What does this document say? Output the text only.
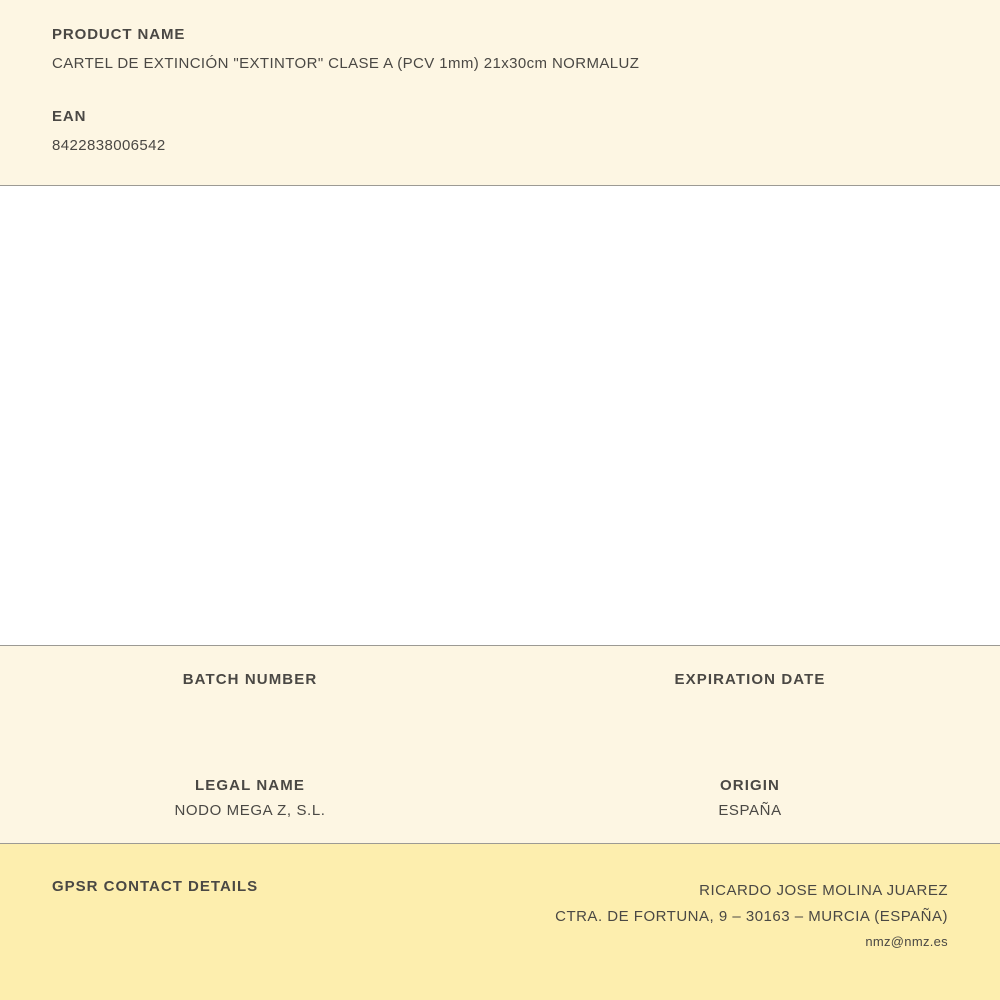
PRODUCT NAME

CARTEL DE EXTINCIÓN "EXTINTOR" CLASE A (PCV 1mm) 21x30cm NORMALUZ

EAN

8422838006542

BATCH NUMBER	EXPIRATION DATE

LEGAL NAME

NODO MEGA Z, S.L.

ORIGIN

ESPAÑA

GPSR CONTACT DETAILS	RICARDO JOSE MOLINA JUAREZ
CTRA. DE FORTUNA, 9 – 30163 – MURCIA (ESPAÑA)
nmz@nmz.es
